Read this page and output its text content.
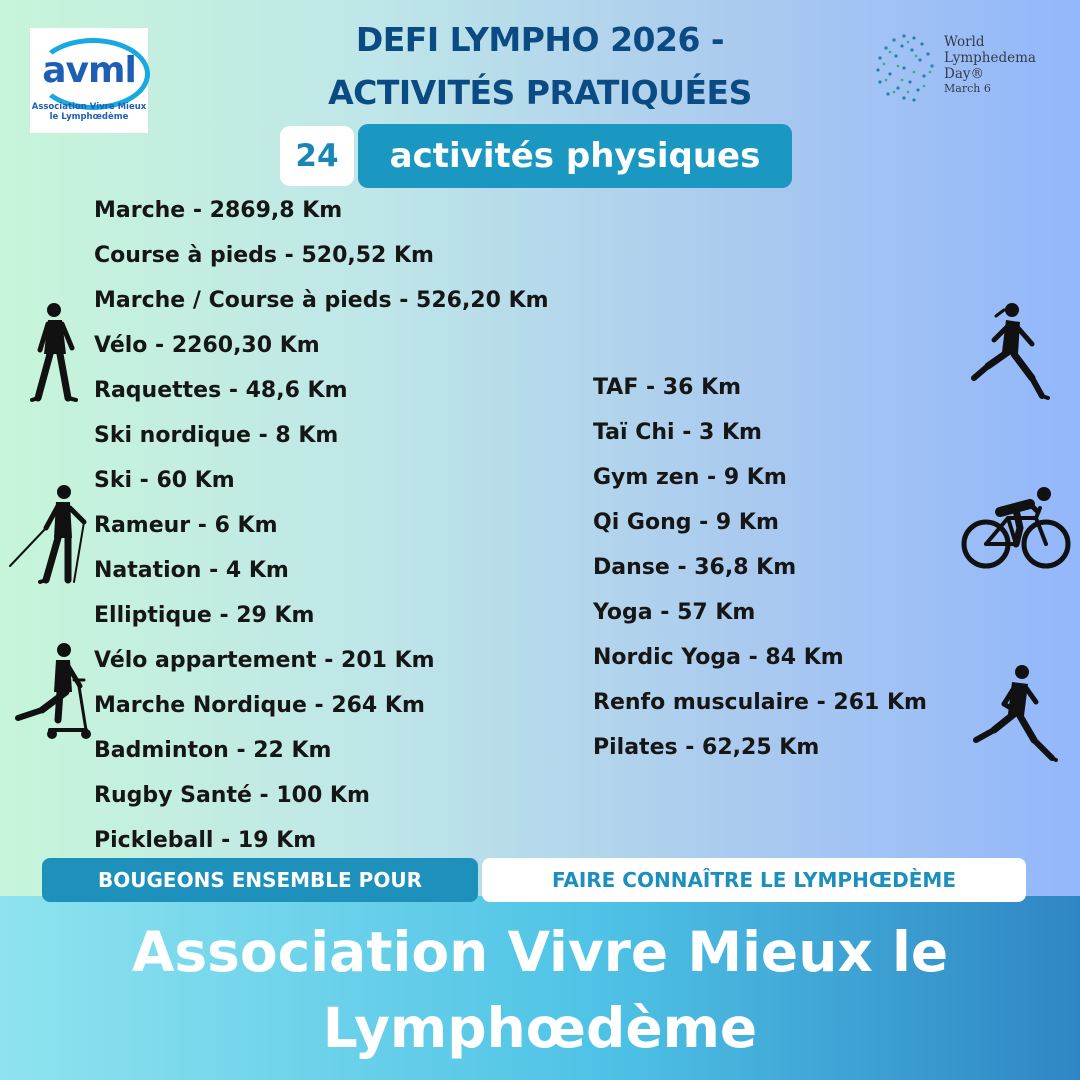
avml
Association Vivre Mieux
le Lymphœdème
World
Lymphedema
Day®
March 6
DEFI LYMPHO 2026 -
ACTIVITÉS PRATIQUÉES
24	activités physiques
Marche - 2869,8 Km
Course à pieds - 520,52 Km
Marche / Course à pieds - 526,20 Km
Vélo - 2260,30 Km
Raquettes - 48,6 Km
Ski nordique - 8 Km
Ski - 60 Km
Rameur - 6 Km
Natation - 4 Km
Elliptique - 29 Km
Vélo appartement - 201 Km
Marche Nordique - 264 Km
Badminton - 22 Km
Rugby Santé - 100 Km
Pickleball - 19 Km
TAF - 36 Km
Taï Chi - 3 Km
Gym zen - 9 Km
Qi Gong - 9 Km
Danse - 36,8 Km
Yoga - 57 Km
Nordic Yoga - 84 Km
Renfo musculaire - 261 Km
Pilates - 62,25 Km
BOUGEONS ENSEMBLE POUR	FAIRE CONNAÎTRE LE LYMPHŒDÈME
Association Vivre Mieux le
Lymphœdème
